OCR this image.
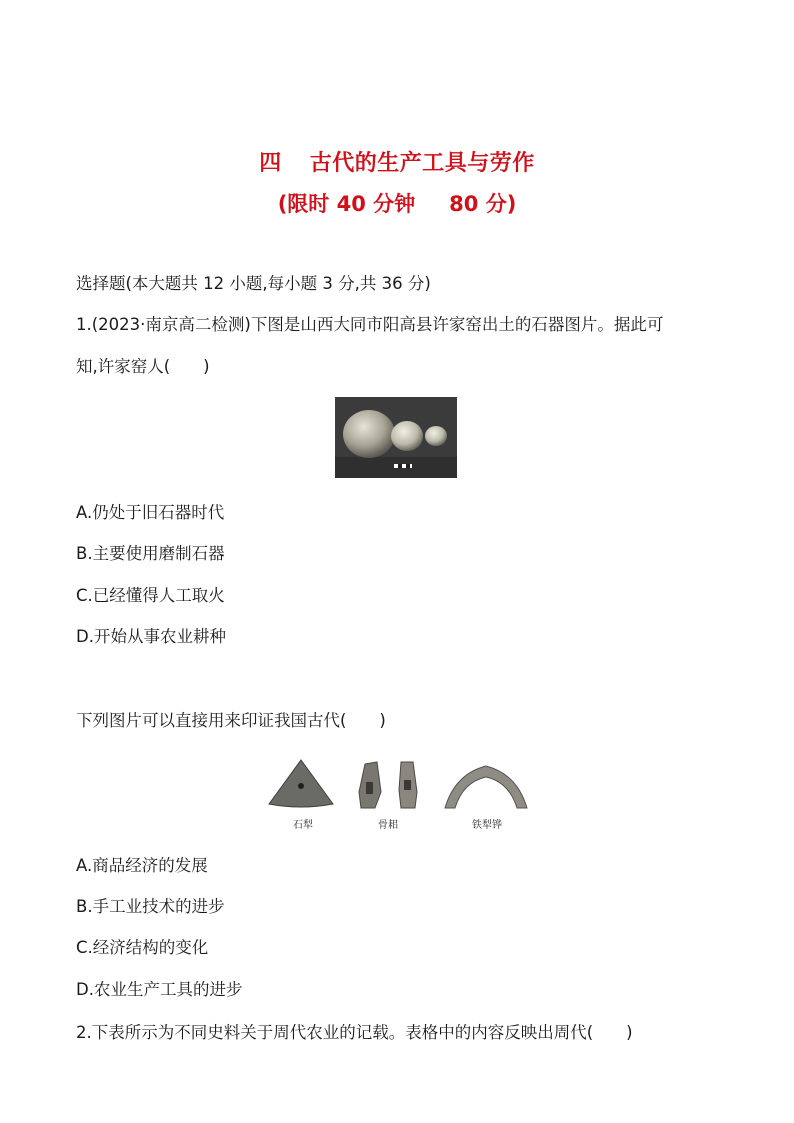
四 古代的生产工具与劳作
(限时 40 分钟 80 分)
选择题(本大题共 12 小题,每小题 3 分,共 36 分)
1.(2023·南京高二检测)下图是山西大同市阳高县许家窑出土的石器图片。据此可
知,许家窑人(　　)
A.仍处于旧石器时代
B.主要使用磨制石器
C.已经懂得人工取火
D.开始从事农业耕种
下列图片可以直接用来印证我国古代(　　)
石犁	骨耜	铁犁铧
A.商品经济的发展
B.手工业技术的进步
C.经济结构的变化
D.农业生产工具的进步
2.下表所示为不同史料关于周代农业的记载。表格中的内容反映出周代(　　)
